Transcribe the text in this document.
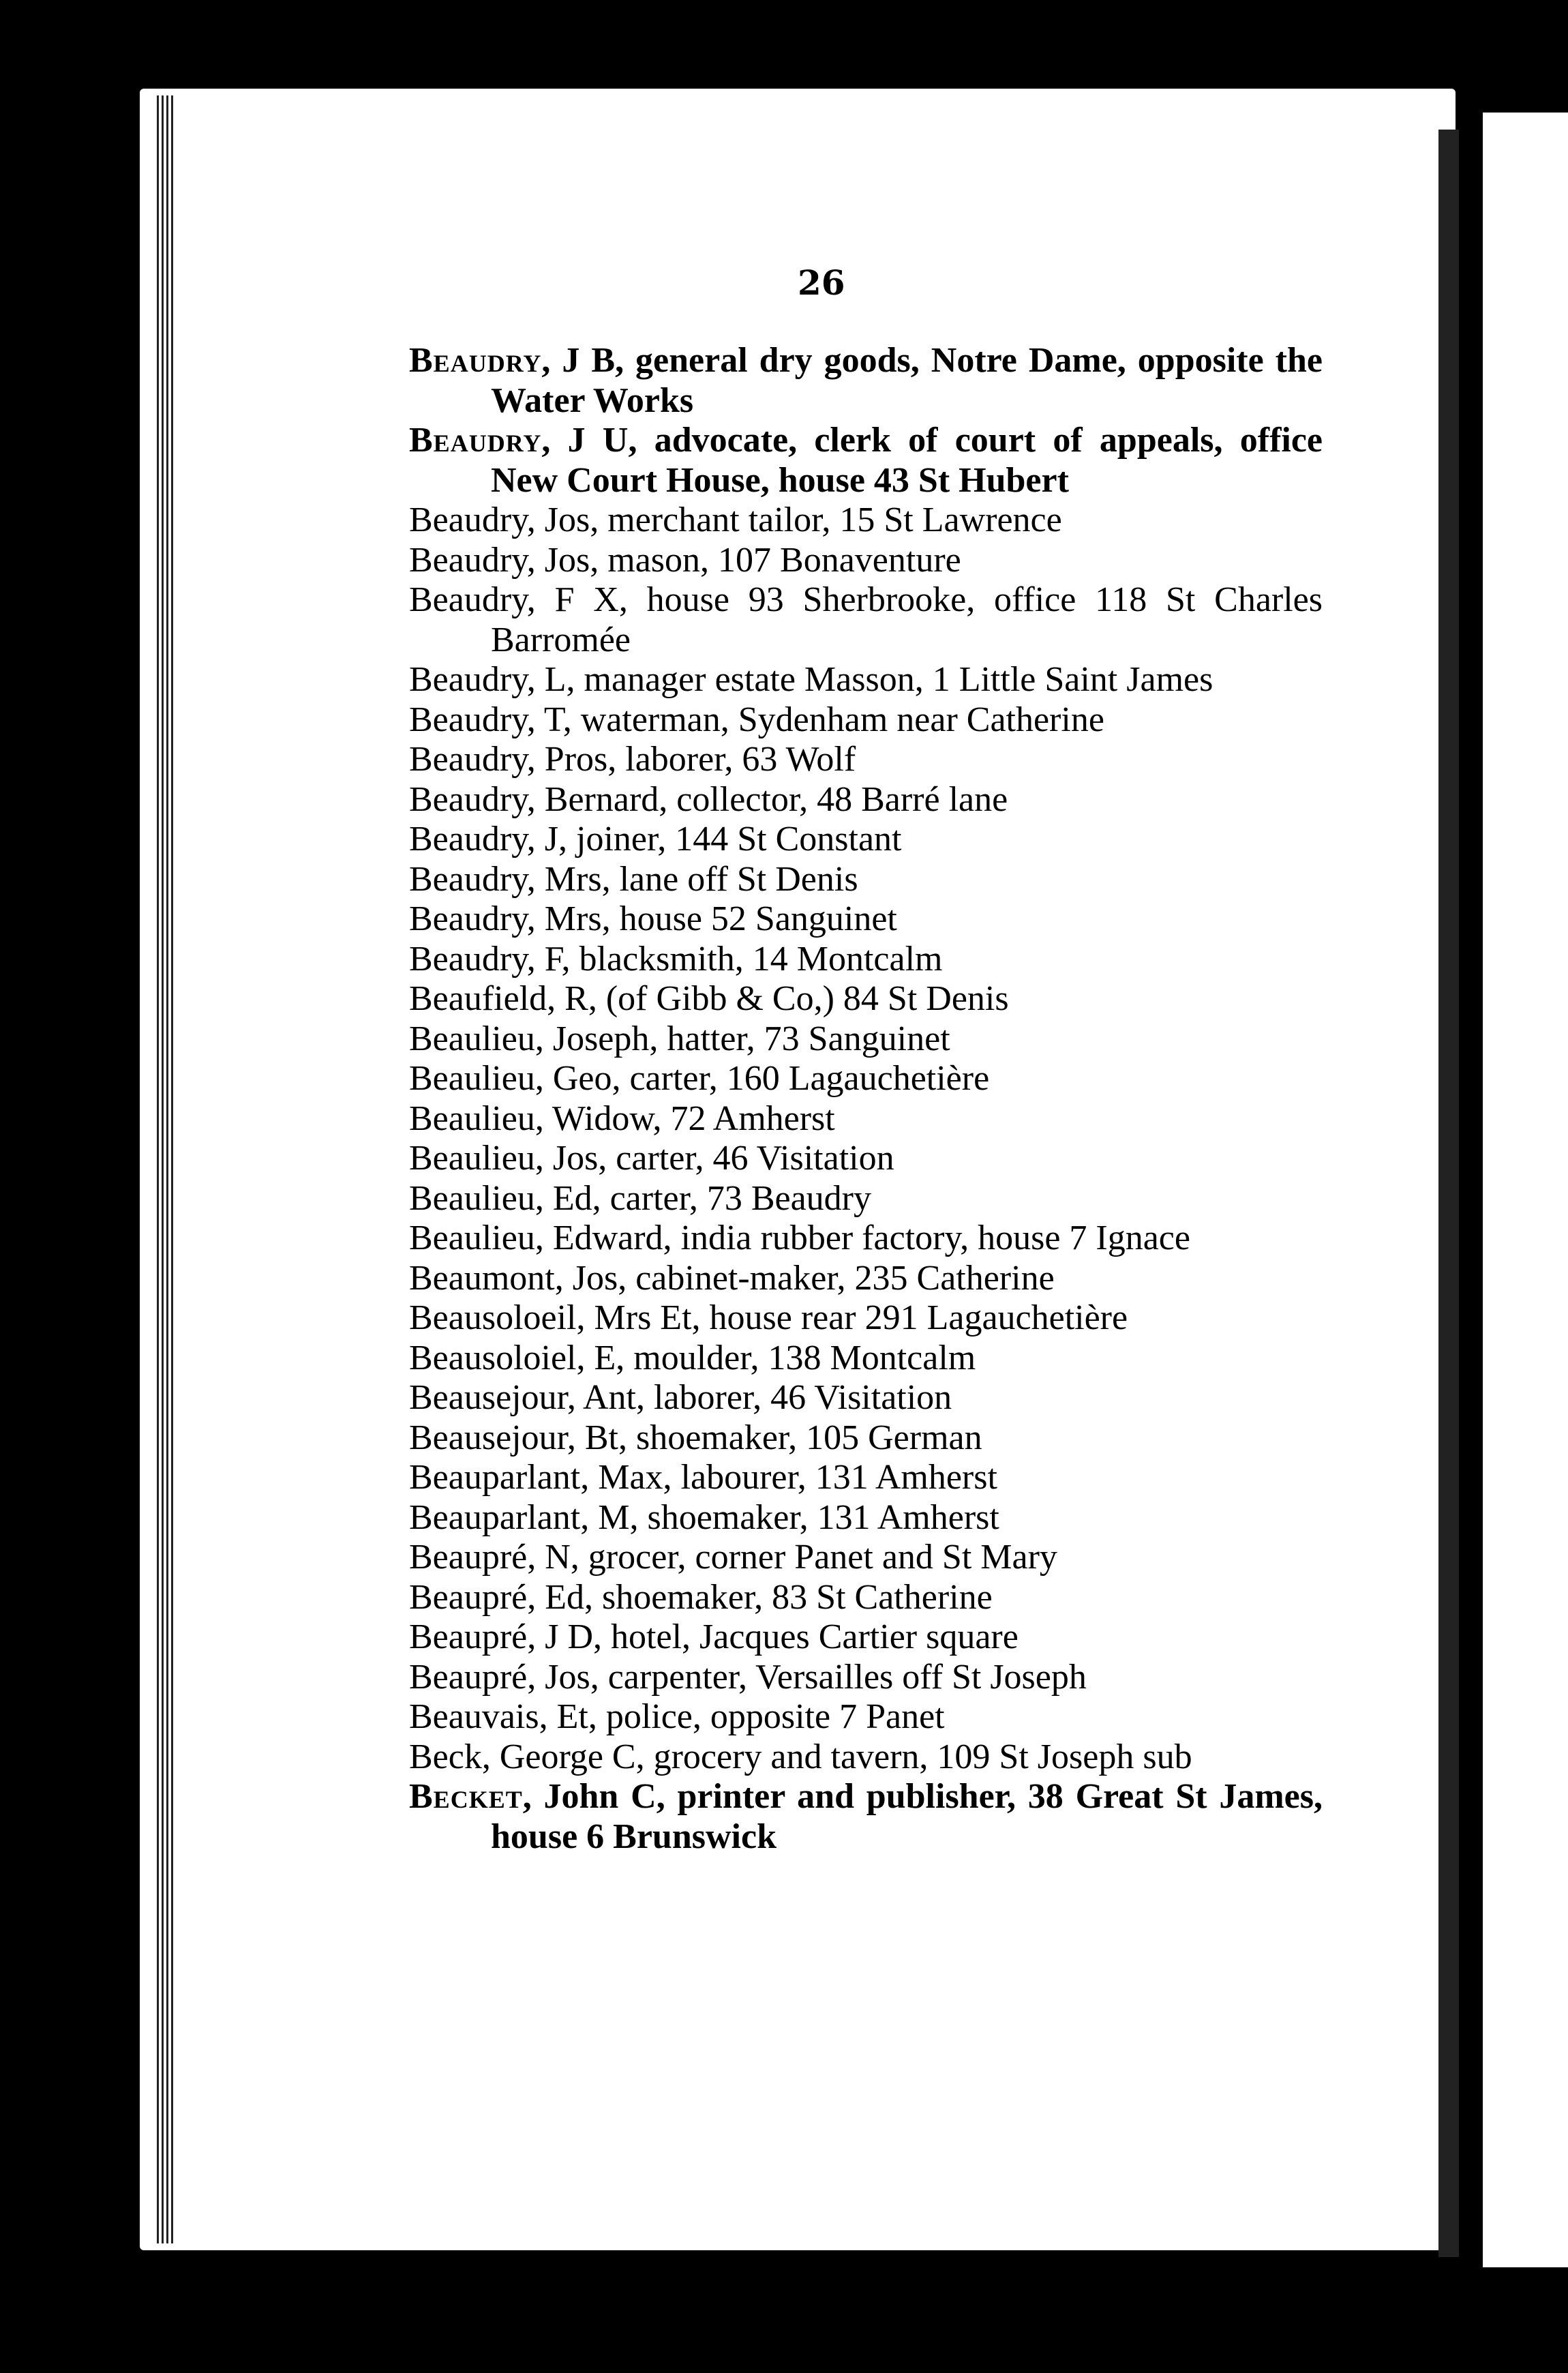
26
Beaudry, J B, general dry goods, Notre Dame, opposite the Water Works
Beaudry, J U, advocate, clerk of court of appeals, office New Court House, house 43 St Hubert
Beaudry, Jos, merchant tailor, 15 St Lawrence
Beaudry, Jos, mason, 107 Bonaventure
Beaudry, F X, house 93 Sherbrooke, office 118 St Charles Barromée
Beaudry, L, manager estate Masson, 1 Little Saint James
Beaudry, T, waterman, Sydenham near Catherine
Beaudry, Pros, laborer, 63 Wolf
Beaudry, Bernard, collector, 48 Barré lane
Beaudry, J, joiner, 144 St Constant
Beaudry, Mrs, lane off St Denis
Beaudry, Mrs, house 52 Sanguinet
Beaudry, F, blacksmith, 14 Montcalm
Beaufield, R, (of Gibb & Co,) 84 St Denis
Beaulieu, Joseph, hatter, 73 Sanguinet
Beaulieu, Geo, carter, 160 Lagauchetière
Beaulieu, Widow, 72 Amherst
Beaulieu, Jos, carter, 46 Visitation
Beaulieu, Ed, carter, 73 Beaudry
Beaulieu, Edward, india rubber factory, house 7 Ignace
Beaumont, Jos, cabinet-maker, 235 Catherine
Beausoloeil, Mrs Et, house rear 291 Lagauchetière
Beausoloiel, E, moulder, 138 Montcalm
Beausejour, Ant, laborer, 46 Visitation
Beausejour, Bt, shoemaker, 105 German
Beauparlant, Max, labourer, 131 Amherst
Beauparlant, M, shoemaker, 131 Amherst
Beaupré, N, grocer, corner Panet and St Mary
Beaupré, Ed, shoemaker, 83 St Catherine
Beaupré, J D, hotel, Jacques Cartier square
Beaupré, Jos, carpenter, Versailles off St Joseph
Beauvais, Et, police, opposite 7 Panet
Beck, George C, grocery and tavern, 109 St Joseph sub
Becket, John C, printer and publisher, 38 Great St James, house 6 Brunswick
